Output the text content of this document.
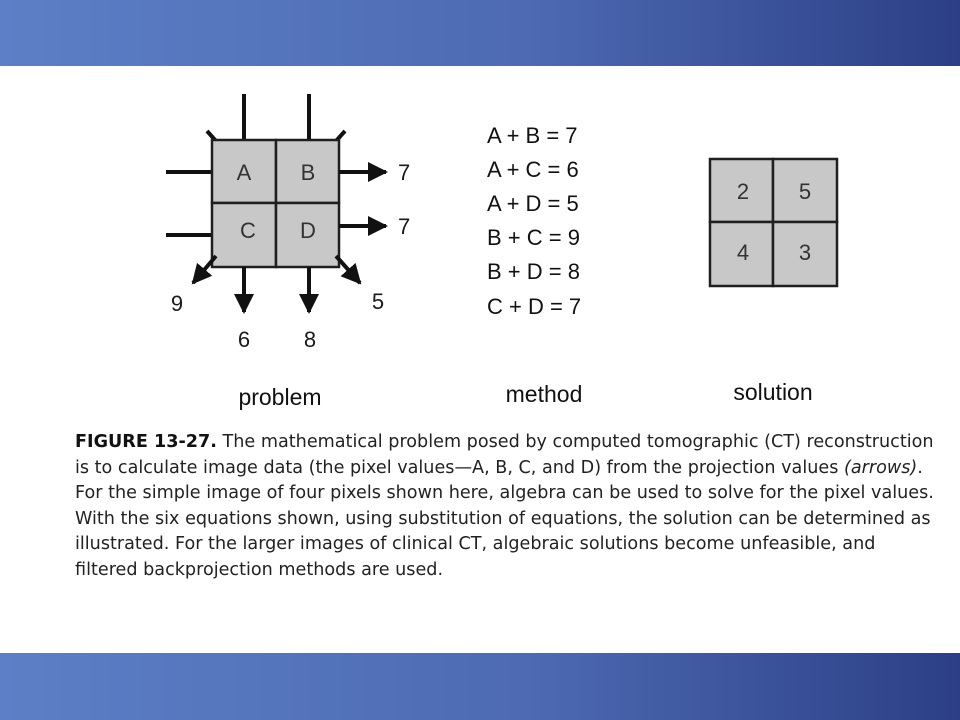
A B
C D
7
7
6 8
9	5
problem
A + B = 7
A + C = 6
A + D = 5
B + C = 9
B + D = 8
C + D = 7
method
2 5
4 3
solution
FIGURE 13-27. The mathematical problem posed by computed tomographic (CT) reconstruction is to calculate image data (the pixel values—A, B, C, and D) from the projection values (arrows). For the simple image of four pixels shown here, algebra can be used to solve for the pixel values. With the six equations shown, using substitution of equations, the solution can be determined as illustrated. For the larger images of clinical CT, algebraic solutions become unfeasible, and filtered backprojection methods are used.
